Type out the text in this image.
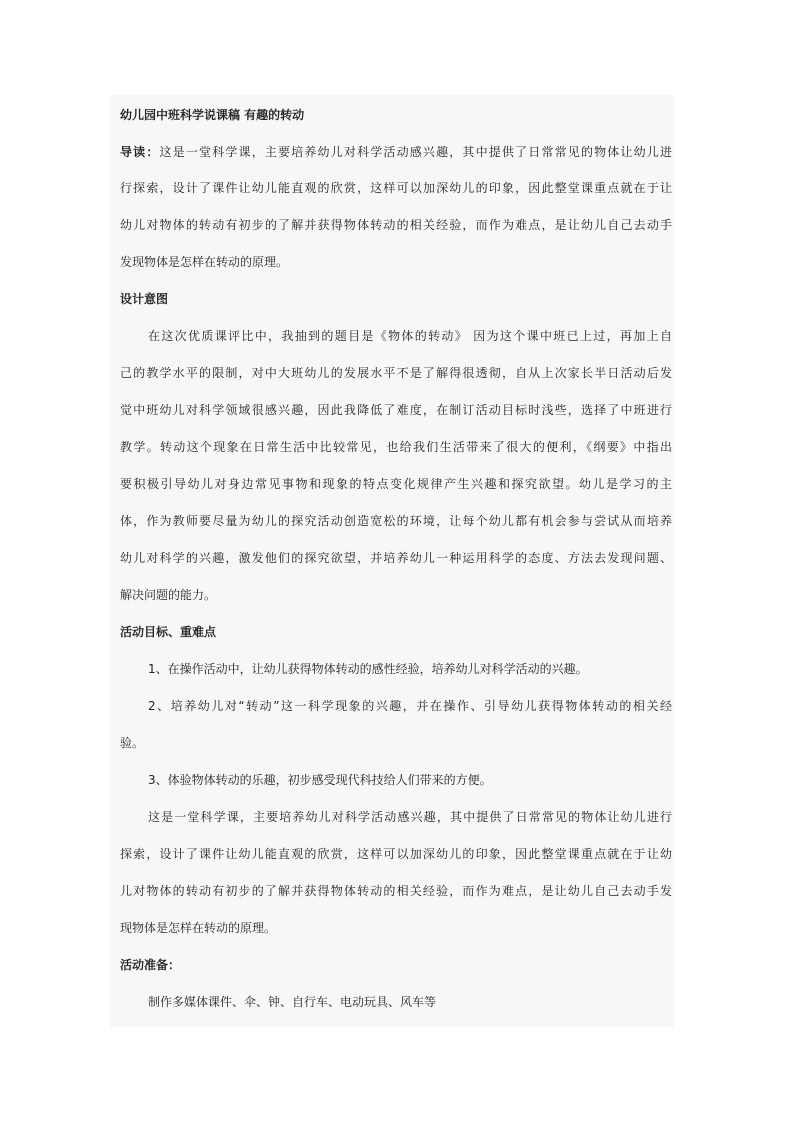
幼儿园中班科学说课稿 有趣的转动
导读：这是一堂科学课，主要培养幼儿对科学活动感兴趣，其中提供了日常常见的物体让幼儿进
行探索，设计了课件让幼儿能直观的欣赏，这样可以加深幼儿的印象，因此整堂课重点就在于让
幼儿对物体的转动有初步的了解并获得物体转动的相关经验，而作为难点，是让幼儿自己去动手
发现物体是怎样在转动的原理。
设计意图
在这次优质课评比中，我抽到的题目是《物体的转动》 因为这个课中班已上过，再加上自
己的教学水平的限制，对中大班幼儿的发展水平不是了解得很透彻，自从上次家长半日活动后发
觉中班幼儿对科学领域很感兴趣，因此我降低了难度，在制订活动目标时浅些，选择了中班进行
教学。转动这个现象在日常生活中比较常见，也给我们生活带来了很大的便利，《纲要》中指出
要积极引导幼儿对身边常见事物和现象的特点变化规律产生兴趣和探究欲望。幼儿是学习的主
体，作为教师要尽量为幼儿的探究活动创造宽松的环境，让每个幼儿都有机会参与尝试从而培养
幼儿对科学的兴趣，激发他们的探究欲望，并培养幼儿一种运用科学的态度、方法去发现问题、
解决问题的能力。
活动目标、重难点
1、在操作活动中，让幼儿获得物体转动的感性经验，培养幼儿对科学活动的兴趣。
2、培养幼儿对“转动”这一科学现象的兴趣，并在操作、引导幼儿获得物体转动的相关经
验。
3、体验物体转动的乐趣，初步感受现代科技给人们带来的方便。
这是一堂科学课，主要培养幼儿对科学活动感兴趣，其中提供了日常常见的物体让幼儿进行
探索，设计了课件让幼儿能直观的欣赏，这样可以加深幼儿的印象，因此整堂课重点就在于让幼
儿对物体的转动有初步的了解并获得物体转动的相关经验，而作为难点，是让幼儿自己去动手发
现物体是怎样在转动的原理。
活动准备：
制作多媒体课件、伞、钟、自行车、电动玩具、风车等
